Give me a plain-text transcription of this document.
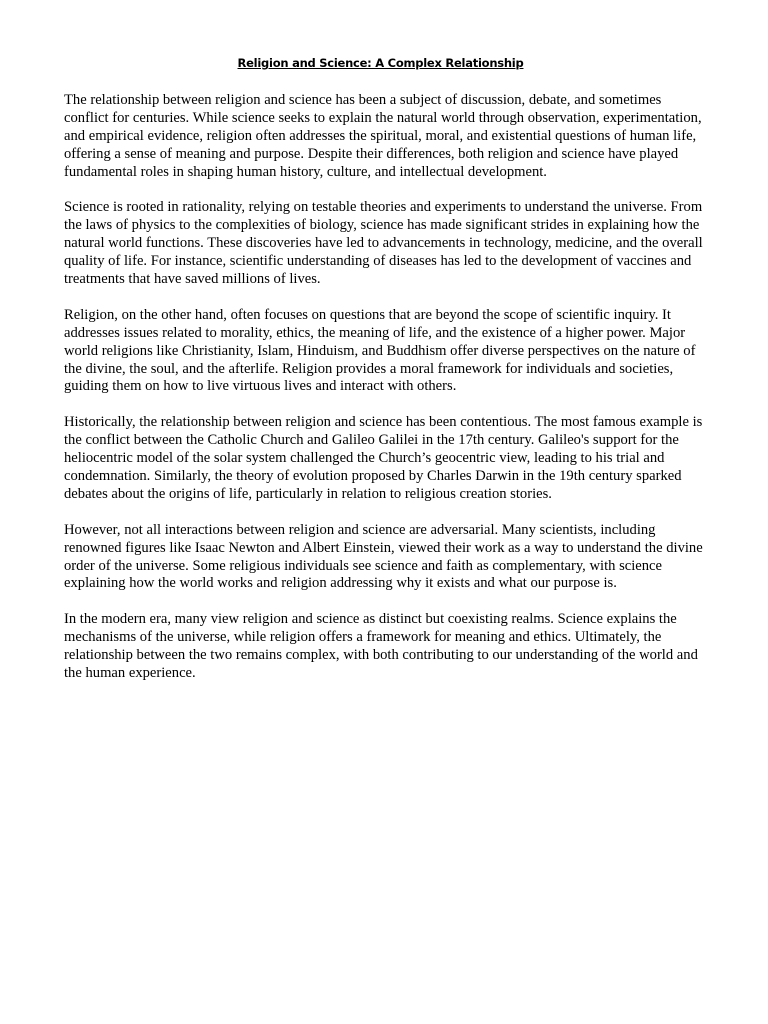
Religion and Science: A Complex Relationship

The relationship between religion and science has been a subject of discussion, debate, and sometimes conflict for centuries. While science seeks to explain the natural world through observation, experimentation, and empirical evidence, religion often addresses the spiritual, moral, and existential questions of human life, offering a sense of meaning and purpose. Despite their differences, both religion and science have played fundamental roles in shaping human history, culture, and intellectual development.

Science is rooted in rationality, relying on testable theories and experiments to understand the universe. From the laws of physics to the complexities of biology, science has made significant strides in explaining how the natural world functions. These discoveries have led to advancements in technology, medicine, and the overall quality of life. For instance, scientific understanding of diseases has led to the development of vaccines and treatments that have saved millions of lives.

Religion, on the other hand, often focuses on questions that are beyond the scope of scientific inquiry. It addresses issues related to morality, ethics, the meaning of life, and the existence of a higher power. Major world religions like Christianity, Islam, Hinduism, and Buddhism offer diverse perspectives on the nature of the divine, the soul, and the afterlife. Religion provides a moral framework for individuals and societies, guiding them on how to live virtuous lives and interact with others.

Historically, the relationship between religion and science has been contentious. The most famous example is the conflict between the Catholic Church and Galileo Galilei in the 17th century. Galileo's support for the heliocentric model of the solar system challenged the Church’s geocentric view, leading to his trial and condemnation. Similarly, the theory of evolution proposed by Charles Darwin in the 19th century sparked debates about the origins of life, particularly in relation to religious creation stories.

However, not all interactions between religion and science are adversarial. Many scientists, including renowned figures like Isaac Newton and Albert Einstein, viewed their work as a way to understand the divine order of the universe. Some religious individuals see science and faith as complementary, with science explaining how the world works and religion addressing why it exists and what our purpose is.

In the modern era, many view religion and science as distinct but coexisting realms. Science explains the mechanisms of the universe, while religion offers a framework for meaning and ethics. Ultimately, the relationship between the two remains complex, with both contributing to our understanding of the world and the human experience.
